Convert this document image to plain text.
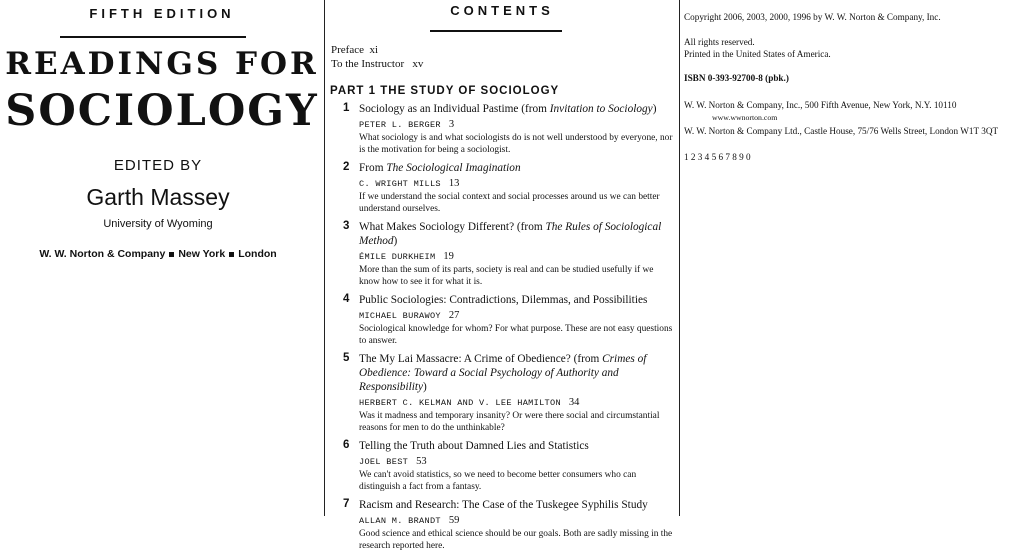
FIFTH EDITION
READINGS FOR
SOCIOLOGY
EDITED BY
Garth Massey
University of Wyoming
W. W. Norton & Company New York London
CONTENTS
Preface xi
To the Instructor xv
PART 1 THE STUDY OF SOCIOLOGY
1 Sociology as an Individual Pastime (from Invitation to Sociology)
PETER L. BERGER 3
What sociology is and what sociologists do is not well understood by everyone, nor is the motivation for being a sociologist.
2 From The Sociological Imagination
C. WRIGHT MILLS 13
If we understand the social context and social processes around us we can better understand ourselves.
3 What Makes Sociology Different? (from The Rules of Sociological Method)
ÉMILE DURKHEIM 19
More than the sum of its parts, society is real and can be studied usefully if we know how to see it for what it is.
4 Public Sociologies: Contradictions, Dilemmas, and Possibilities
MICHAEL BURAWOY 27
Sociological knowledge for whom? For what purpose. These are not easy questions to answer.
5 The My Lai Massacre: A Crime of Obedience? (from Crimes of Obedience: Toward a Social Psychology of Authority and Responsibility)
HERBERT C. KELMAN AND V. LEE HAMILTON 34
Was it madness and temporary insanity? Or were there social and circumstantial reasons for men to do the unthinkable?
6 Telling the Truth about Damned Lies and Statistics
JOEL BEST 53
We can't avoid statistics, so we need to become better consumers who can distinguish a fact from a fantasy.
7 Racism and Research: The Case of the Tuskegee Syphilis Study
ALLAN M. BRANDT 59
Good science and ethical science should be our goals. Both are sadly missing in the research reported here.
Copyright 2006, 2003, 2000, 1996 by W. W. Norton & Company, Inc.
All rights reserved.
Printed in the United States of America.
ISBN 0-393-92700-8 (pbk.)
W. W. Norton & Company, Inc., 500 Fifth Avenue, New York, N.Y. 10110
www.wwnorton.com
W. W. Norton & Company Ltd., Castle House, 75/76 Wells Street, London W1T 3QT
1 2 3 4 5 6 7 8 9 0
